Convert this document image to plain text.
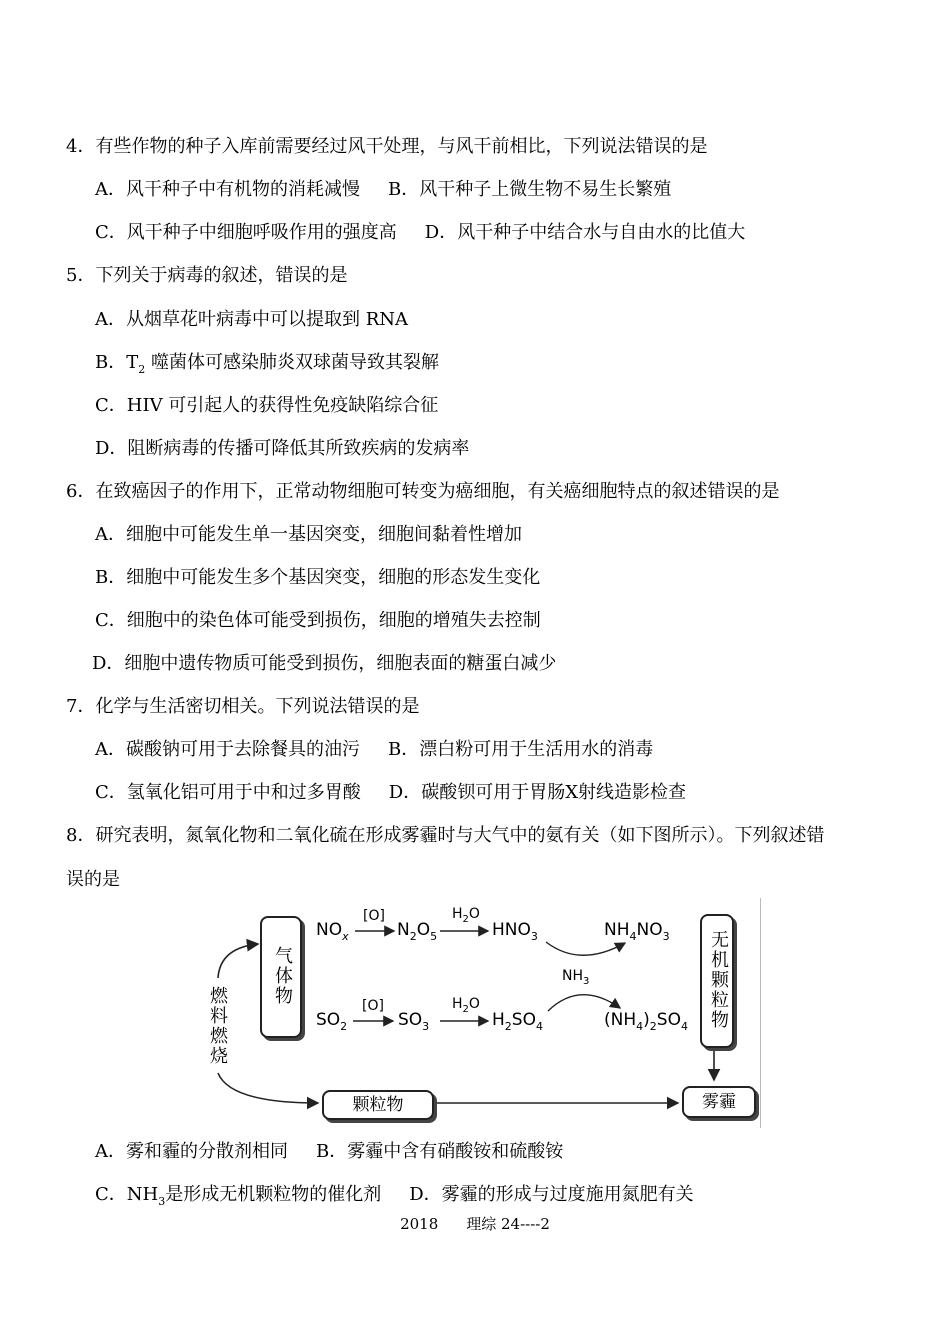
4．有些作物的种子入库前需要经过风干处理，与风干前相比，下列说法错误的是
A．风干种子中有机物的消耗减慢 B．风干种子上微生物不易生长繁殖
C．风干种子中细胞呼吸作用的强度高 D．风干种子中结合水与自由水的比值大
5．下列关于病毒的叙述，错误的是
A．从烟草花叶病毒中可以提取到 RNA
B．$T_2$ 噬菌体可感染肺炎双球菌导致其裂解
C．HIV 可引起人的获得性免疫缺陷综合征
D．阻断病毒的传播可降低其所致疾病的发病率
6．在致癌因子的作用下，正常动物细胞可转变为癌细胞，有关癌细胞特点的叙述错误的是
A．细胞中可能发生单一基因突变，细胞间黏着性增加
B．细胞中可能发生多个基因突变，细胞的形态发生变化
C．细胞中的染色体可能受到损伤，细胞的增殖失去控制
D．细胞中遗传物质可能受到损伤，细胞表面的糖蛋白减少
7．化学与生活密切相关。下列说法错误的是
A．碳酸钠可用于去除餐具的油污 B．漂白粉可用于生活用水的消毒
C．氢氧化铝可用于中和过多胃酸 D．碳酸钡可用于胃肠X射线造影检查
8．研究表明，氮氧化物和二氧化硫在形成雾霾时与大气中的氨有关（如下图所示）。下列叙述错
误的是
燃料燃烧
气体物	无机颗粒物
颗粒物	雾霾
$NO_x$
[O]
$N_2O_5$
$H_2O$
$HNO_3$	$NH_4NO_3$
$NH_3$
$SO_2$
[O]
$SO_3$
$H_2O$
$H_2SO_4$	$(NH_4)_2SO_4$
A．雾和霾的分散剂相同 B．雾霾中含有硝酸铵和硫酸铵
C．$NH_3$是形成无机颗粒物的催化剂 D．雾霾的形成与过度施用氮肥有关
2018 理综 24----2
